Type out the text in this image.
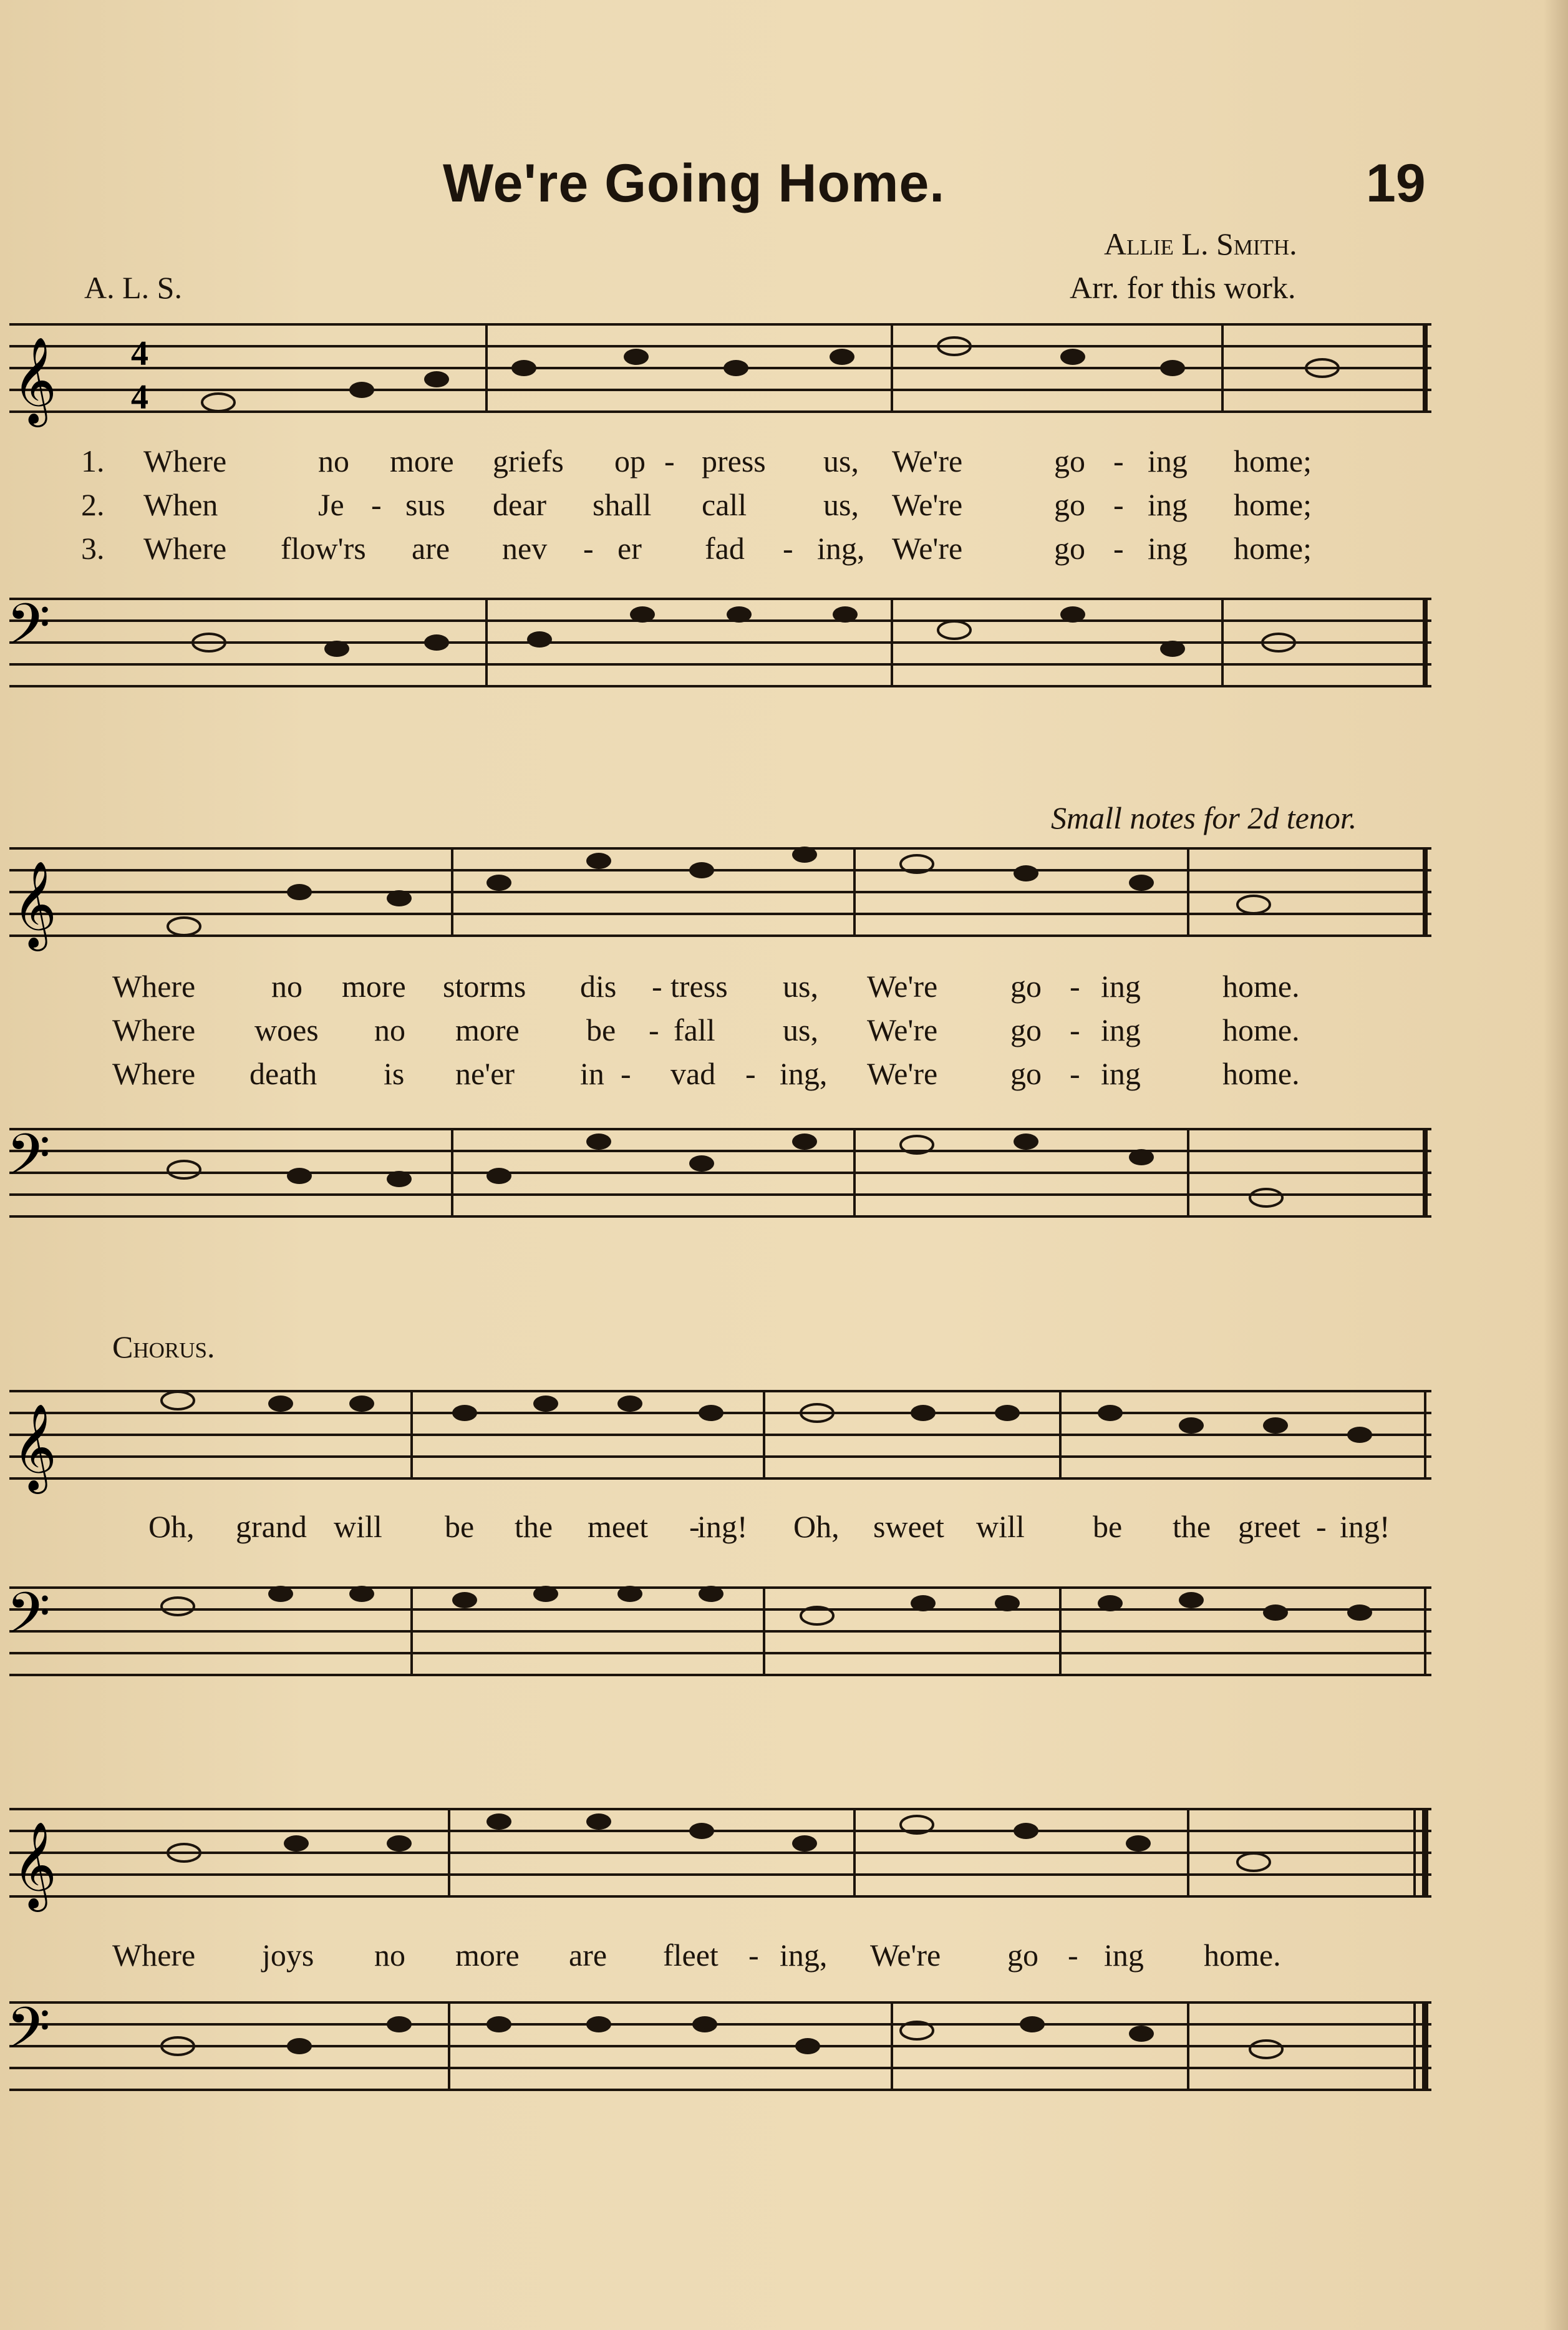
We're Going Home.	19
Allie L. Smith.
A. L. S.	Arr. for this work.
𝄞 4
4
1. Where	no more griefs op - press us, We're	go - ing home;
2. When	Je - sus dear shall call us, We're	go - ing home;
3. Where flow'rs are nev - er fad - ing, We're	go - ing home;
𝄢
Small notes for 2d tenor.
𝄞
Where no more storms dis - tress us, We're go - ing	home.
Where woes no more be - fall us, We're go - ing	home.
Where death is ne'er in - vad - ing, We're go - ing	home.
𝄢
Chorus.
𝄞
Oh, grand will be the meet -
ing! Oh, sweet will be the greet - ing!
𝄢
𝄞
Where joys no more are fleet - ing, We're go - ing home.
𝄢
